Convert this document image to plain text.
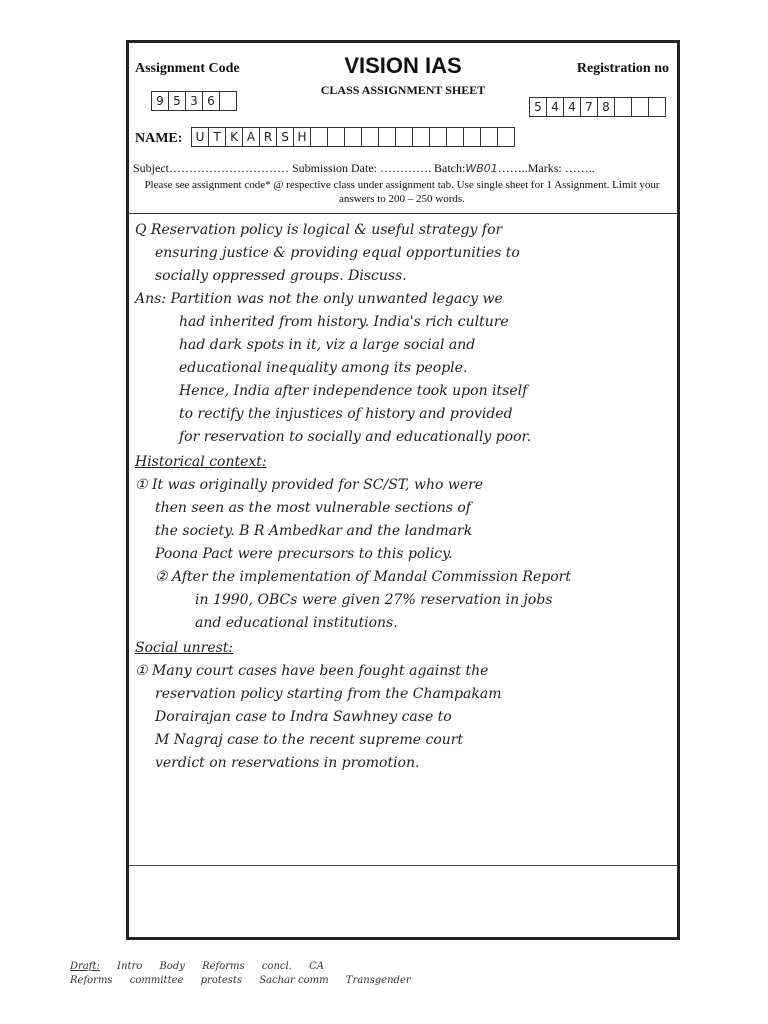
Assignment Code	VISION IAS
CLASS ASSIGNMENT SHEET
Registration no
9 5 3 6	5 4 4 7 8
NAME:	U T K A R S H
Subject………………………… Submission Date: …………. Batch:WB01……..Marks: ……..
Please see assignment code* @ respective class under assignment tab. Use single sheet for 1 Assignment. Limit your answers to 200 – 250 words.

Q Reservation policy is logical & useful strategy for

ensuring justice & providing equal opportunities to

socially oppressed groups. Discuss.

Ans: Partition was not the only unwanted legacy we

had inherited from history. India's rich culture

had dark spots in it, viz a large social and

educational inequality among its people.

Hence, India after independence took upon itself

to rectify the injustices of history and provided

for reservation to socially and educationally poor.

Historical context:

① It was originally provided for SC/ST, who were

then seen as the most vulnerable sections of

the society. B R Ambedkar and the landmark

Poona Pact were precursors to this policy.

② After the implementation of Mandal Commission Report

in 1990, OBCs were given 27% reservation in jobs

and educational institutions.

Social unrest:

① Many court cases have been fought against the

reservation policy starting from the Champakam

Dorairajan case to Indra Sawhney case to

M Nagraj case to the recent supreme court

verdict on reservations in promotion.

Draft: Intro Body Reforms concl. CA
Reforms committee protests Sachar comm Transgender
